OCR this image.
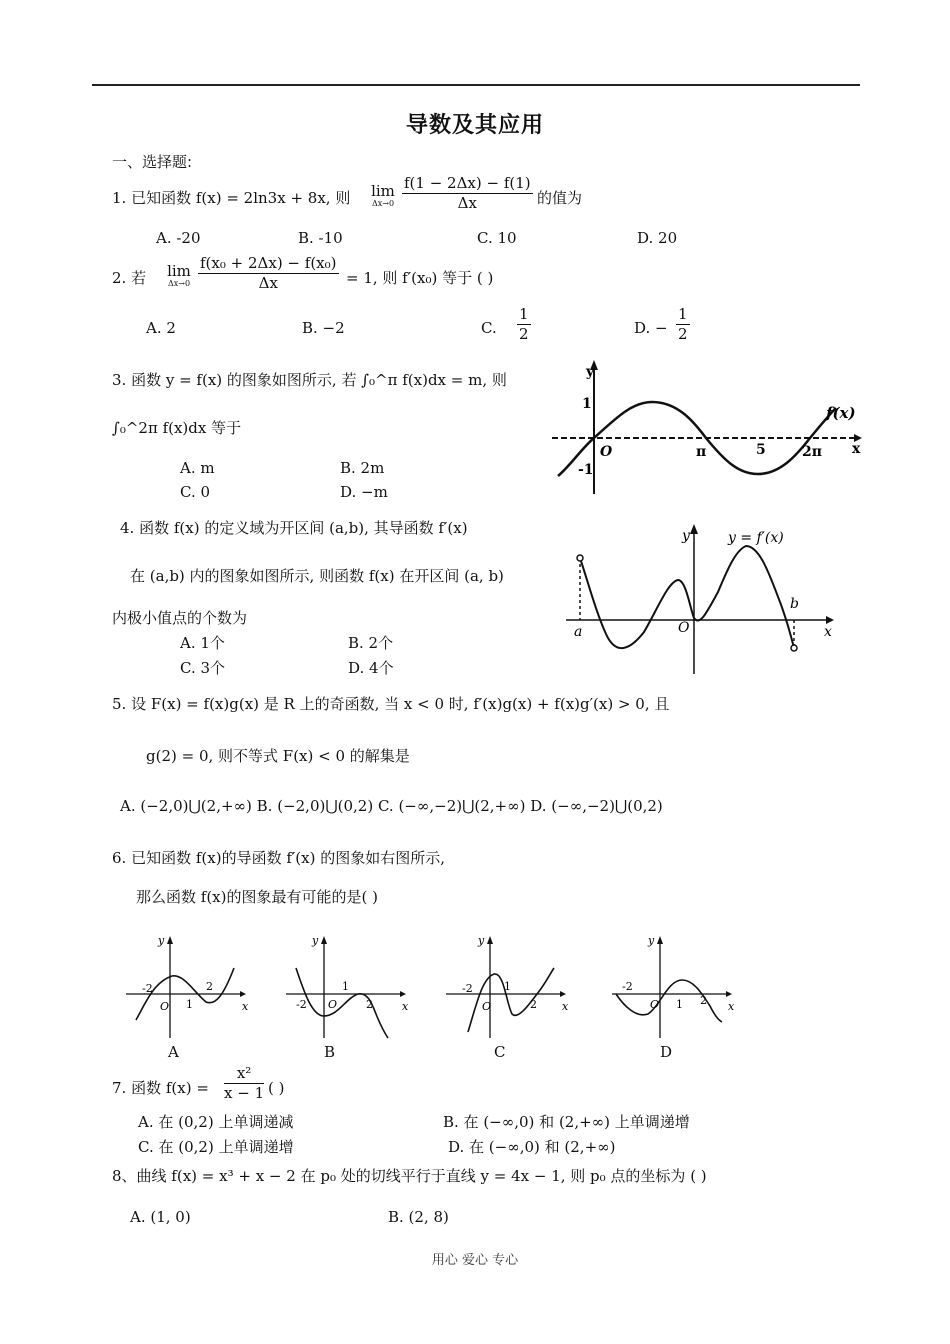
导数及其应用
一、选择题:
1. 已知函数 f(x) = 2ln3x + 8x, 则	lim
$\Delta x\to 0 \frac{f(1 - 2\Delta x) - f(1)}{\Delta x}$ 的值为
A. -20	B. -10	C. 10	D. 20
2. 若	lim
$\Delta x\to 0 \frac{\text{f(x₀ + 2Δx) − f(x₀)}}{\Delta x} = 1$, 则 f′(x₀) 等于 ( )
A. 2	B. −2	C. $\frac{1}{2}$	D. − $\frac{1}{2}$
3. 函数 y = f(x) 的图象如图所示, 若 ∫₀^π f(x)dx = m, 则
∫₀^2π f(x)dx 等于
A. m	B. 2m
C. 0	D. −m
y
x
1
-1
O	π	5	2π
f(x)
4. 函数 f(x) 的定义域为开区间 (a,b), 其导函数 f′(x)
在 (a,b) 内的图象如图所示, 则函数 f(x) 在开区间 (a, b)
内极小值点的个数为
A. 1个	B. 2个
C. 3个	D. 4个
y
x
y = f′(x)
a
b
O
5. 设 F(x) = f(x)g(x) 是 R 上的奇函数, 当 x < 0 时, f′(x)g(x) + f(x)g′(x) > 0, 且
g(2) = 0, 则不等式 F(x) < 0 的解集是
A. (−2,0)⋃(2,+∞) B. (−2,0)⋃(0,2) C. (−∞,−2)⋃(2,+∞) D. (−∞,−2)⋃(0,2)
6. 已知函数 f(x)的导函数 f′(x) 的图象如右图所示,
那么函数 f(x)的图象最有可能的是( )
y
x
-2
O 1
2
A
y
x
-2 O
1
2
B
y
x
-2
O
1
2
C
y
x
-2
O 1 2
D
7. 函数 $f(x) = \frac{\text{x²}}{x - 1}$ ( )
A. 在 (0,2) 上单调递减	B. 在 (−∞,0) 和 (2,+∞) 上单调递增
C. 在 (0,2) 上单调递增	D. 在 (−∞,0) 和 (2,+∞)
8、曲线 f(x) = x³ + x − 2 在 p₀ 处的切线平行于直线 y = 4x − 1, 则 p₀ 点的坐标为 ( )
A. (1, 0)	B. (2, 8)
用心 爱心 专心
